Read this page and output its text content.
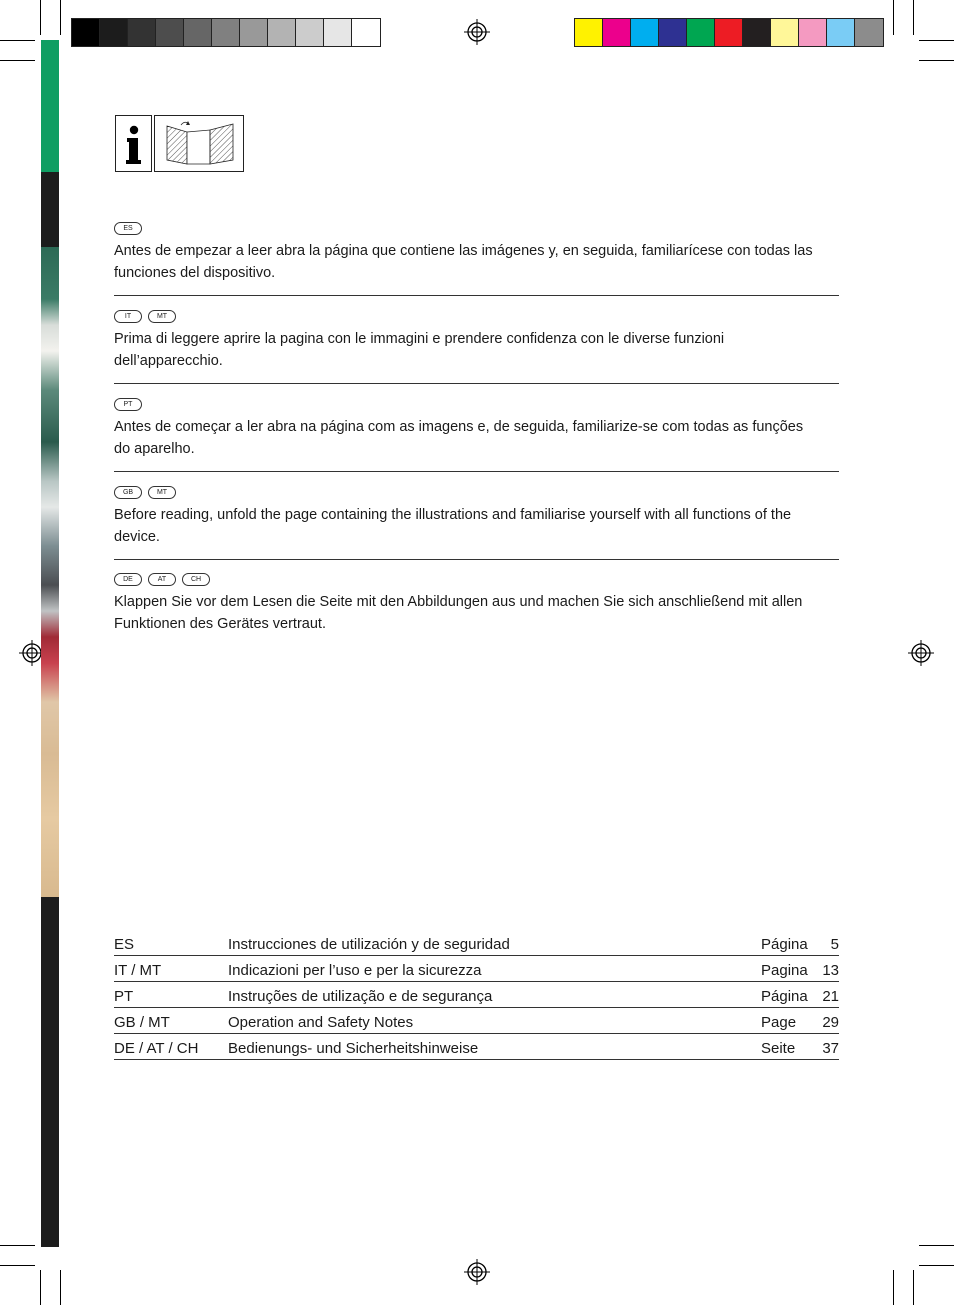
ES
Antes de empezar a leer abra la página que contiene las imágenes y, en seguida, familiarícese con todas las funciones del dispositivo.
IT	MT
Prima di leggere aprire la pagina con le immagini e prendere confidenza con le diverse funzioni dell’apparecchio.
PT
Antes de começar a ler abra na página com as imagens e, de seguida, familiarize-se com todas as funções do aparelho.
GB	MT
Before reading, unfold the page containing the illustrations and familiarise yourself with all functions of the device.
DE	AT	CH
Klappen Sie vor dem Lesen die Seite mit den Abbildungen aus und machen Sie sich anschließend mit allen Funktionen des Gerätes vertraut.
ES	Instrucciones de utilización y de seguridad	Página	5
IT / MT	Indicazioni per l’uso e per la sicurezza	Pagina	13
PT	Instruções de utilização e de segurança	Página	21
GB / MT	Operation and Safety Notes	Page	29
DE / AT / CH	Bedienungs- und Sicherheitshinweise	Seite	37
